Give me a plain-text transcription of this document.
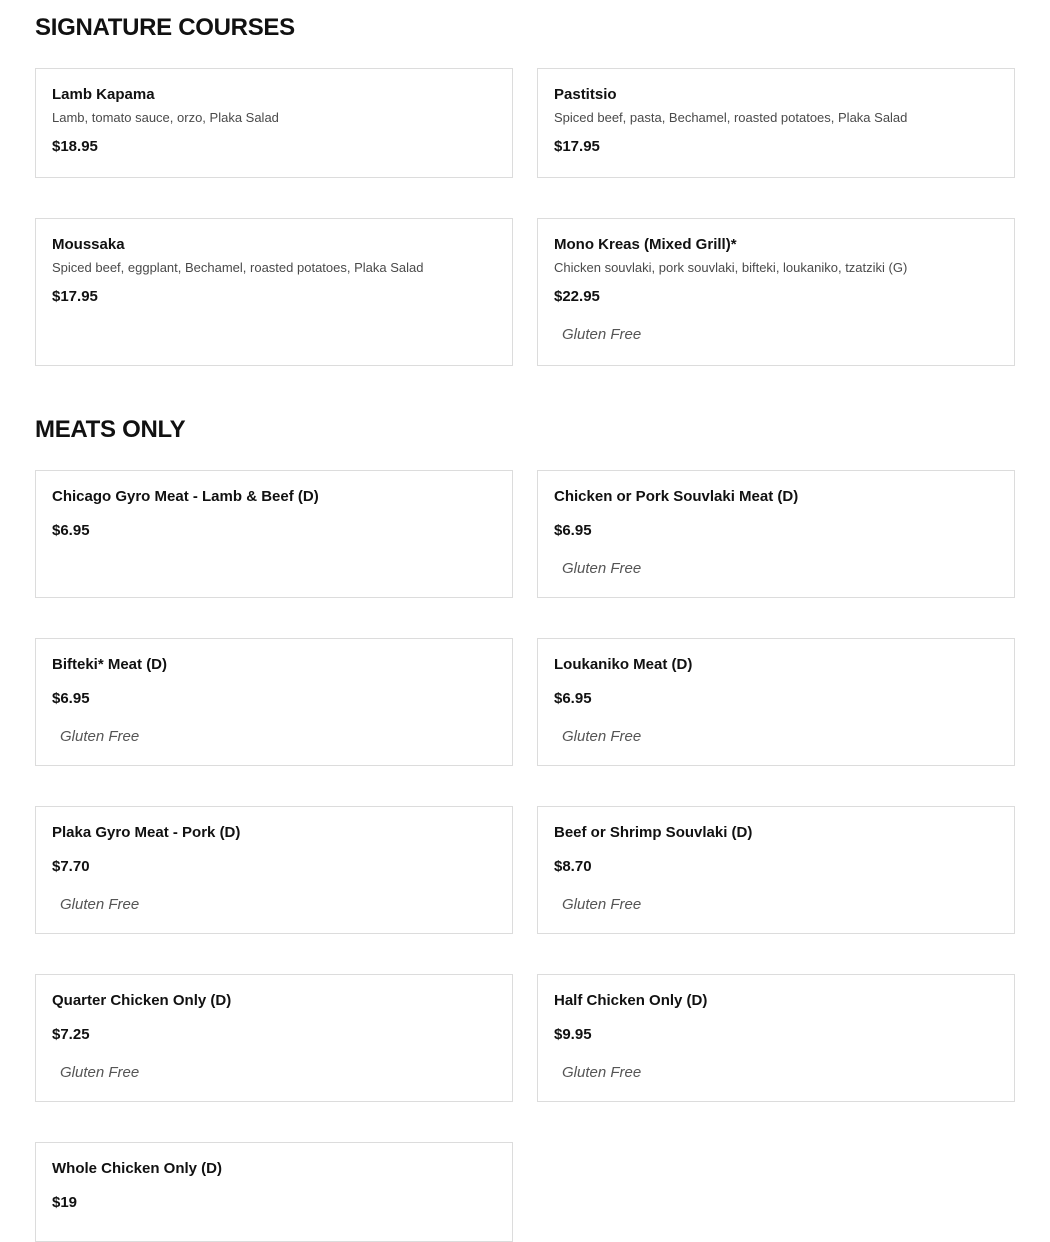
SIGNATURE COURSES
Lamb Kapama
Lamb, tomato sauce, orzo, Plaka Salad
$18.95
Pastitsio
Spiced beef, pasta, Bechamel, roasted potatoes, Plaka Salad
$17.95
Moussaka
Spiced beef, eggplant, Bechamel, roasted potatoes, Plaka Salad
$17.95
Mono Kreas (Mixed Grill)*
Chicken souvlaki, pork souvlaki, bifteki, loukaniko, tzatziki (G)
$22.95
Gluten Free
MEATS ONLY
Chicago Gyro Meat - Lamb & Beef (D)
$6.95
Chicken or Pork Souvlaki Meat (D)
$6.95
Gluten Free
Bifteki* Meat (D)
$6.95
Gluten Free
Loukaniko Meat (D)
$6.95
Gluten Free
Plaka Gyro Meat - Pork (D)
$7.70
Gluten Free
Beef or Shrimp Souvlaki (D)
$8.70
Gluten Free
Quarter Chicken Only (D)
$7.25
Gluten Free
Half Chicken Only (D)
$9.95
Gluten Free
Whole Chicken Only (D)
$19
